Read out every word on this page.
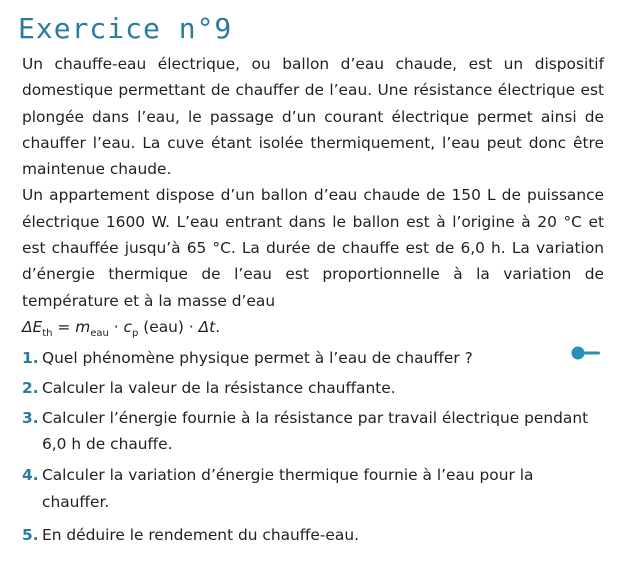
Exercice n°9

Un chauffe-eau électrique, ou ballon d’eau chaude, est un dispositif domestique permettant de chauffer de l’eau. Une résistance électrique est plongée dans l’eau, le passage d’un courant électrique permet ainsi de chauffer l’eau. La cuve étant isolée thermiquement, l’eau peut donc être maintenue chaude.

Un appartement dispose d’un ballon d’eau chaude de 150 L de puissance électrique 1600 W. L’eau entrant dans le ballon est à l’origine à 20 °C et est chauffée jusqu’à 65 °C. La durée de chauffe est de 6,0 h. La variation d’énergie thermique de l’eau est proportionnelle à la variation de température et à la masse d’eau

$\Delta E_{th} = m_{eau} \cdot c_p$ (eau) · Δt.
1. Quel phénomène physique permet à l’eau de chauffer ?
2. Calculer la valeur de la résistance chauffante.
3. Calculer l’énergie fournie à la résistance par travail électrique pendant 6,0 h de chauffe.
4. Calculer la variation d’énergie thermique fournie à l’eau pour la chauffer.
5. En déduire le rendement du chauffe-eau.
